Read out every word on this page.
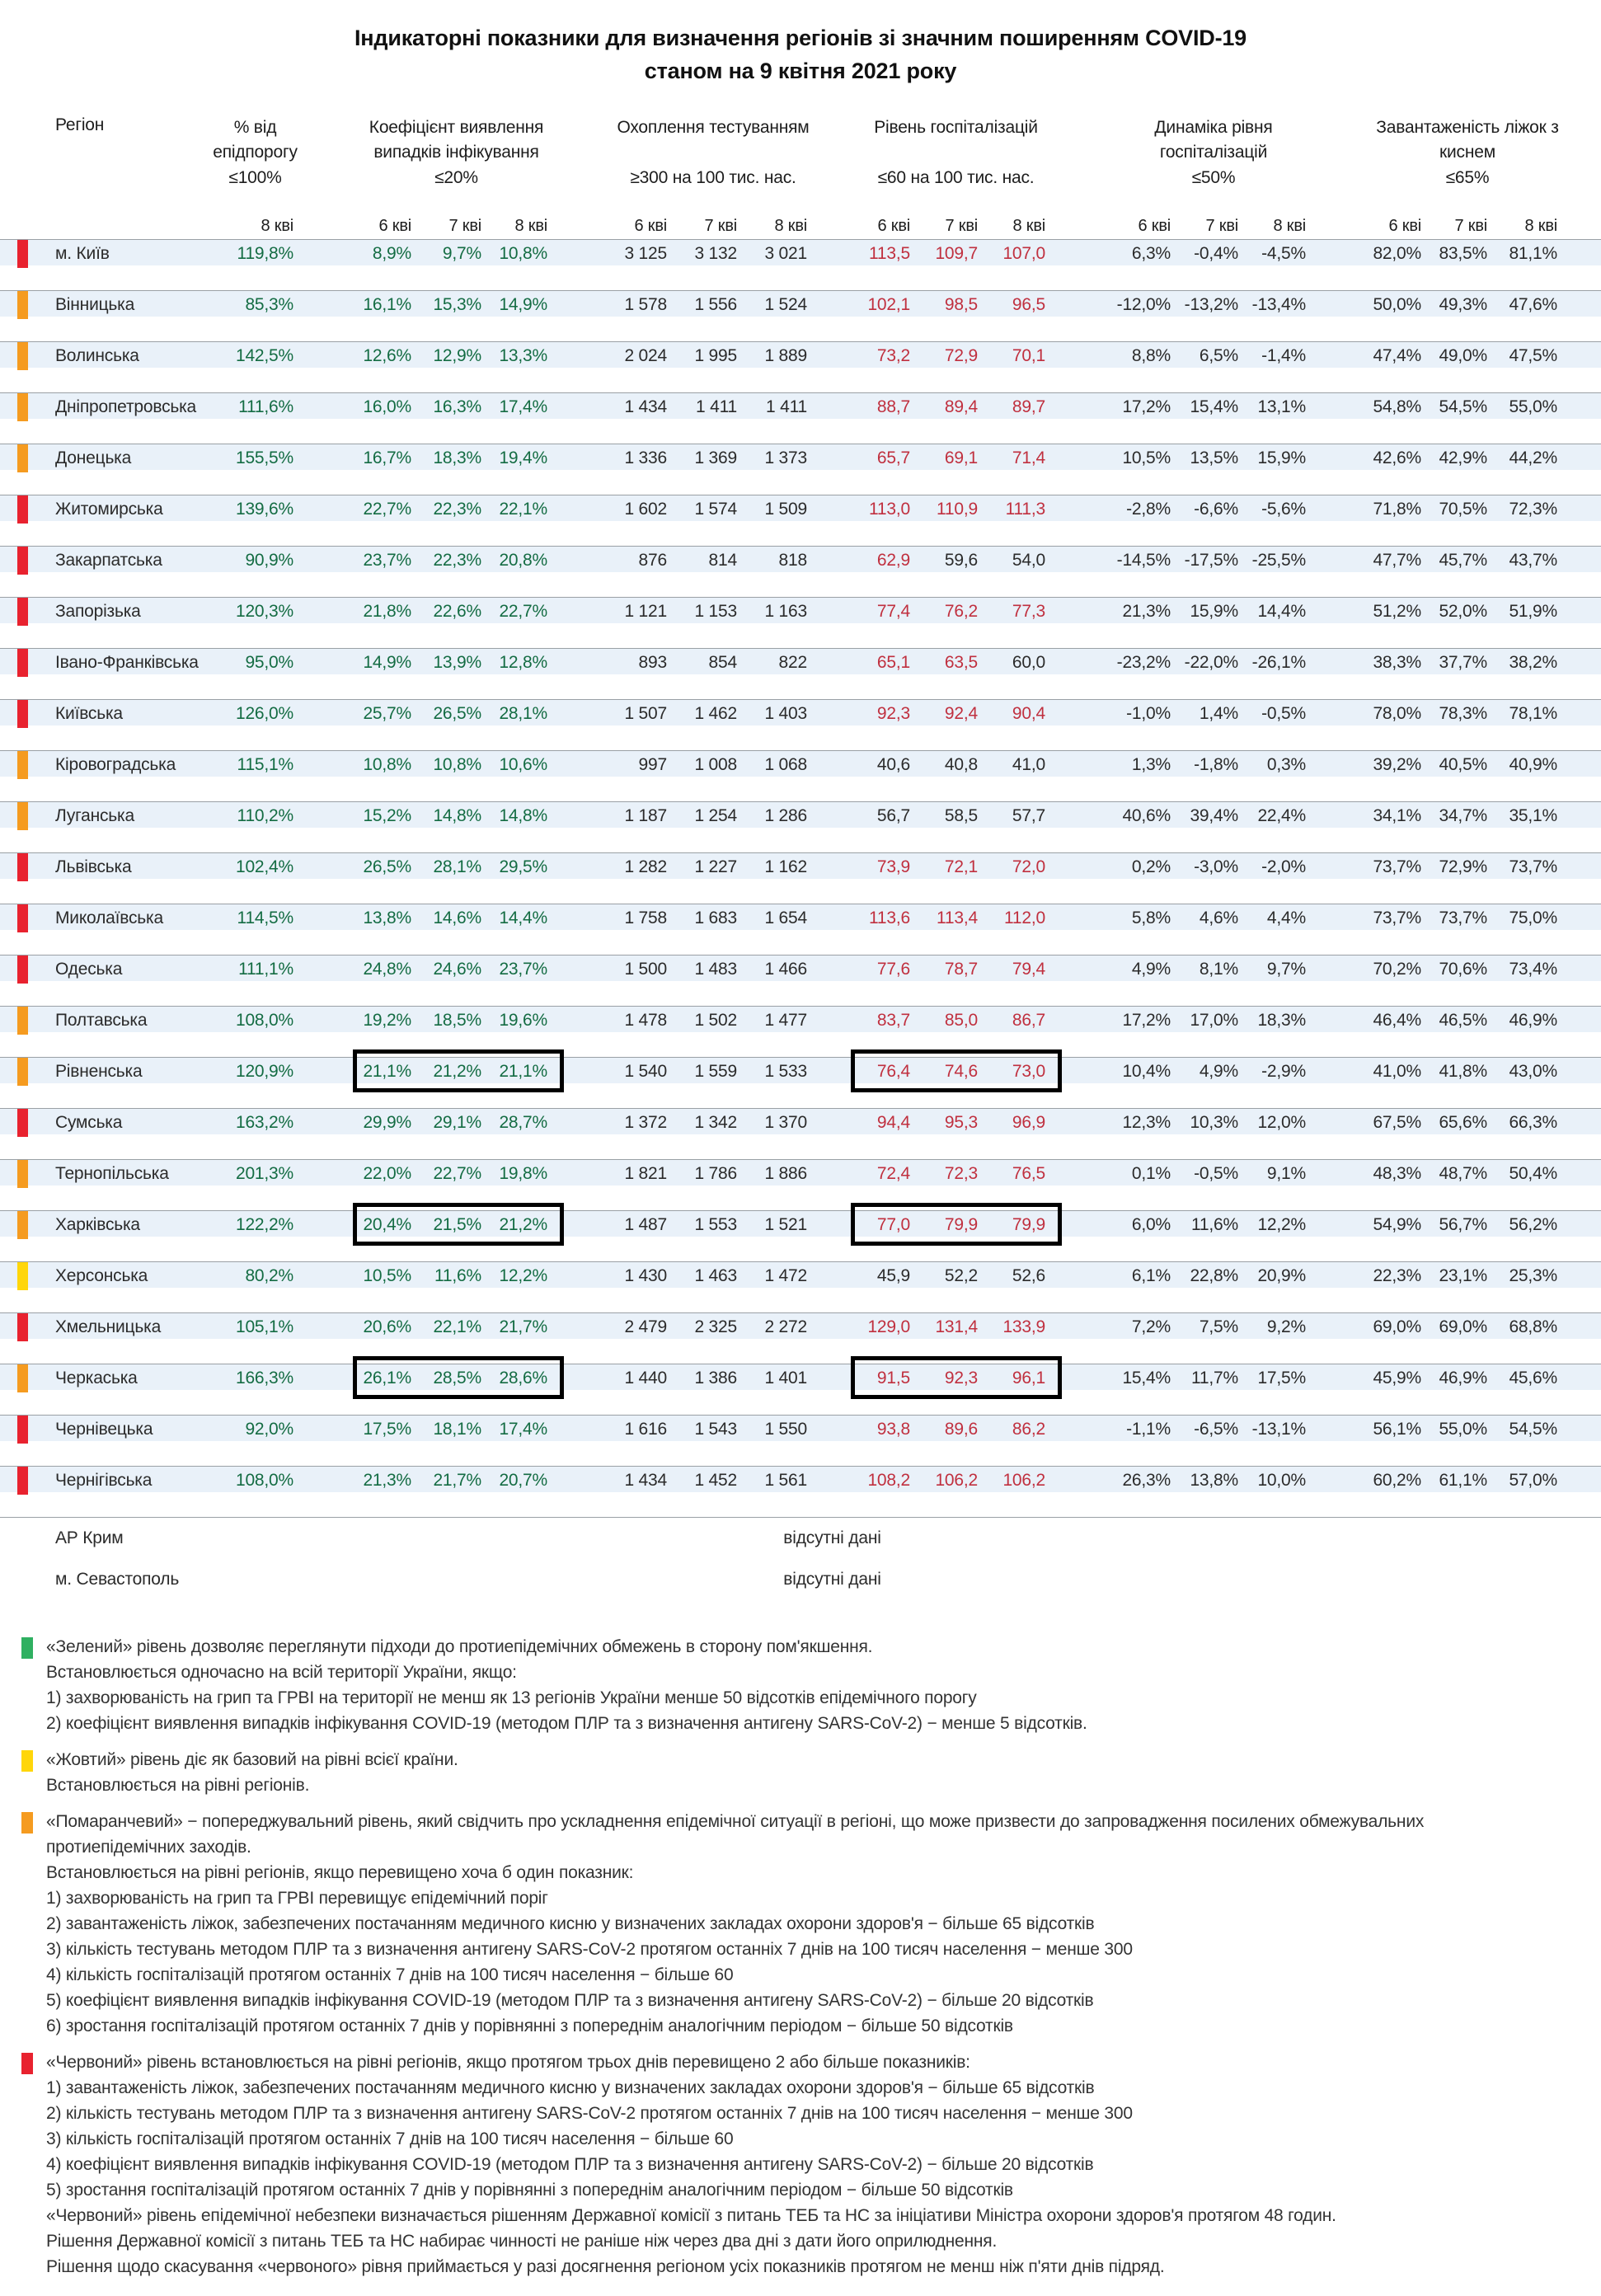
Індикаторні показники для визначення регіонів зі значним поширенням COVID-19
станом на 9 квітня 2021 року
Регіон	% від епідпорогу
Коефіцієнт виявлення випадків інфікування
Охоплення тестуванням	Рівень госпіталізацій	Динаміка рівня госпіталізацій
Завантаженість ліжок з киснем
≤100%	≤20%	≥300 на 100 тис. нас.	≤60 на 100 тис. нас.	≤50%	≤65%
8 кві	6 кві	7 кві	8 кві	6 кві	7 кві	8 кві	6 кві	7 кві	8 кві	6 кві	7 кві	8 кві	6 кві	7 кві	8 кві
м. Київ	119,8%	8,9%	9,7%	10,8%	3 125	3 132	3 021	113,5	109,7	107,0	6,3%	-0,4%	-4,5%	82,0%	83,5%	81,1%
Вінницька	85,3%	16,1%	15,3%	14,9%	1 578	1 556	1 524	102,1	98,5	96,5	-12,0% -13,2% -13,4%	50,0%	49,3%	47,6%
Волинська	142,5%	12,6%	12,9%	13,3%	2 024	1 995	1 889	73,2	72,9	70,1	8,8%	6,5%	-1,4%	47,4%	49,0%	47,5%
Дніпропетровська	111,6%	16,0%	16,3%	17,4%	1 434	1 411	1 411	88,7	89,4	89,7	17,2%	15,4%	13,1%	54,8%	54,5%	55,0%
Донецька	155,5%	16,7%	18,3%	19,4%	1 336	1 369	1 373	65,7	69,1	71,4	10,5%	13,5%	15,9%	42,6%	42,9%	44,2%
Житомирська	139,6%	22,7%	22,3%	22,1%	1 602	1 574	1 509	113,0	110,9	111,3	-2,8%	-6,6%	-5,6%	71,8%	70,5%	72,3%
Закарпатська	90,9%	23,7%	22,3%	20,8%	876	814	818	62,9	59,6	54,0	-14,5% -17,5% -25,5%	47,7%	45,7%	43,7%
Запорізька	120,3%	21,8%	22,6%	22,7%	1 121	1 153	1 163	77,4	76,2	77,3	21,3%	15,9%	14,4%	51,2%	52,0%	51,9%
Івано-Франківська	95,0%	14,9%	13,9%	12,8%	893	854	822	65,1	63,5	60,0	-23,2% -22,0% -26,1%	38,3%	37,7%	38,2%
Київська	126,0%	25,7%	26,5%	28,1%	1 507	1 462	1 403	92,3	92,4	90,4	-1,0%	1,4%	-0,5%	78,0%	78,3%	78,1%
Кіровоградська	115,1%	10,8%	10,8%	10,6%	997	1 008	1 068	40,6	40,8	41,0	1,3%	-1,8%	0,3%	39,2%	40,5%	40,9%
Луганська	110,2%	15,2%	14,8%	14,8%	1 187	1 254	1 286	56,7	58,5	57,7	40,6%	39,4%	22,4%	34,1%	34,7%	35,1%
Львівська	102,4%	26,5%	28,1%	29,5%	1 282	1 227	1 162	73,9	72,1	72,0	0,2%	-3,0%	-2,0%	73,7%	72,9%	73,7%
Миколаївська	114,5%	13,8%	14,6%	14,4%	1 758	1 683	1 654	113,6	113,4	112,0	5,8%	4,6%	4,4%	73,7%	73,7%	75,0%
Одеська	111,1%	24,8%	24,6%	23,7%	1 500	1 483	1 466	77,6	78,7	79,4	4,9%	8,1%	9,7%	70,2%	70,6%	73,4%
Полтавська	108,0%	19,2%	18,5%	19,6%	1 478	1 502	1 477	83,7	85,0	86,7	17,2%	17,0%	18,3%	46,4%	46,5%	46,9%
Рівненська	120,9%	21,1%	21,2%	21,1%	1 540	1 559	1 533	76,4	74,6	73,0	10,4%	4,9%	-2,9%	41,0%	41,8%	43,0%
Сумська	163,2%	29,9%	29,1%	28,7%	1 372	1 342	1 370	94,4	95,3	96,9	12,3%	10,3%	12,0%	67,5%	65,6%	66,3%
Тернопільська	201,3%	22,0%	22,7%	19,8%	1 821	1 786	1 886	72,4	72,3	76,5	0,1%	-0,5%	9,1%	48,3%	48,7%	50,4%
Харківська	122,2%	20,4%	21,5%	21,2%	1 487	1 553	1 521	77,0	79,9	79,9	6,0%	11,6%	12,2%	54,9%	56,7%	56,2%
Херсонська	80,2%	10,5%	11,6%	12,2%	1 430	1 463	1 472	45,9	52,2	52,6	6,1%	22,8%	20,9%	22,3%	23,1%	25,3%
Хмельницька	105,1%	20,6%	22,1%	21,7%	2 479	2 325	2 272	129,0	131,4	133,9	7,2%	7,5%	9,2%	69,0%	69,0%	68,8%
Черкаська	166,3%	26,1%	28,5%	28,6%	1 440	1 386	1 401	91,5	92,3	96,1	15,4%	11,7%	17,5%	45,9%	46,9%	45,6%
Чернівецька	92,0%	17,5%	18,1%	17,4%	1 616	1 543	1 550	93,8	89,6	86,2	-1,1%	-6,5% -13,1%	56,1%	55,0%	54,5%
Чернігівська	108,0%	21,3%	21,7%	20,7%	1 434	1 452	1 561	108,2	106,2	106,2	26,3%	13,8%	10,0%	60,2%	61,1%	57,0%
АР Крим	відсутні дані
м. Севастополь	відсутні дані
«Зелений» рівень дозволяє переглянути підходи до протиепідемічних обмежень в сторону пом'якшення.
Встановлюється одночасно на всій території України, якщо:
1) захворюваність на грип та ГРВІ на території не менш як 13 регіонів України менше 50 відсотків епідемічного порогу
2) коефіцієнт виявлення випадків інфікування COVID-19 (методом ПЛР та з визначення антигену SARS-CoV-2) − менше 5 відсотків.
«Жовтий» рівень діє як базовий на рівні всієї країни.
Встановлюється на рівні регіонів.
«Помаранчевий» − попереджувальний рівень, який свідчить про ускладнення епідемічної ситуації в регіоні, що може призвести до запровадження посилених обмежувальних
протиепідемічних заходів.
Встановлюється на рівні регіонів, якщо перевищено хоча б один показник:
1) захворюваність на грип та ГРВІ перевищує епідемічний поріг
2) завантаженість ліжок, забезпечених постачанням медичного кисню у визначених закладах охорони здоров'я − більше 65 відсотків
3) кількість тестувань методом ПЛР та з визначення антигену SARS-CoV-2 протягом останніх 7 днів на 100 тисяч населення − менше 300
4) кількість госпіталізацій протягом останніх 7 днів на 100 тисяч населення − більше 60
5) коефіцієнт виявлення випадків інфікування COVID-19 (методом ПЛР та з визначення антигену SARS-CoV-2) − більше 20 відсотків
6) зростання госпіталізацій протягом останніх 7 днів у порівнянні з попереднім аналогічним періодом − більше 50 відсотків
«Червоний» рівень встановлюється на рівні регіонів, якщо протягом трьох днів перевищено 2 або більше показників:
1) завантаженість ліжок, забезпечених постачанням медичного кисню у визначених закладах охорони здоров'я − більше 65 відсотків
2) кількість тестувань методом ПЛР та з визначення антигену SARS-CoV-2 протягом останніх 7 днів на 100 тисяч населення − менше 300
3) кількість госпіталізацій протягом останніх 7 днів на 100 тисяч населення − більше 60
4) коефіцієнт виявлення випадків інфікування COVID-19 (методом ПЛР та з визначення антигену SARS-CoV-2) − більше 20 відсотків
5) зростання госпіталізацій протягом останніх 7 днів у порівнянні з попереднім аналогічним періодом − більше 50 відсотків
«Червоний» рівень епідемічної небезпеки визначається рішенням Державної комісії з питань ТЕБ та НС за ініціативи Міністра охорони здоров'я протягом 48 годин.
Рішення Державної комісії з питань ТЕБ та НС набирає чинності не раніше ніж через два дні з дати його оприлюднення.
Рішення щодо скасування «червоного» рівня приймається у разі досягнення регіоном усіх показників протягом не менш ніж п'яти днів підряд.
